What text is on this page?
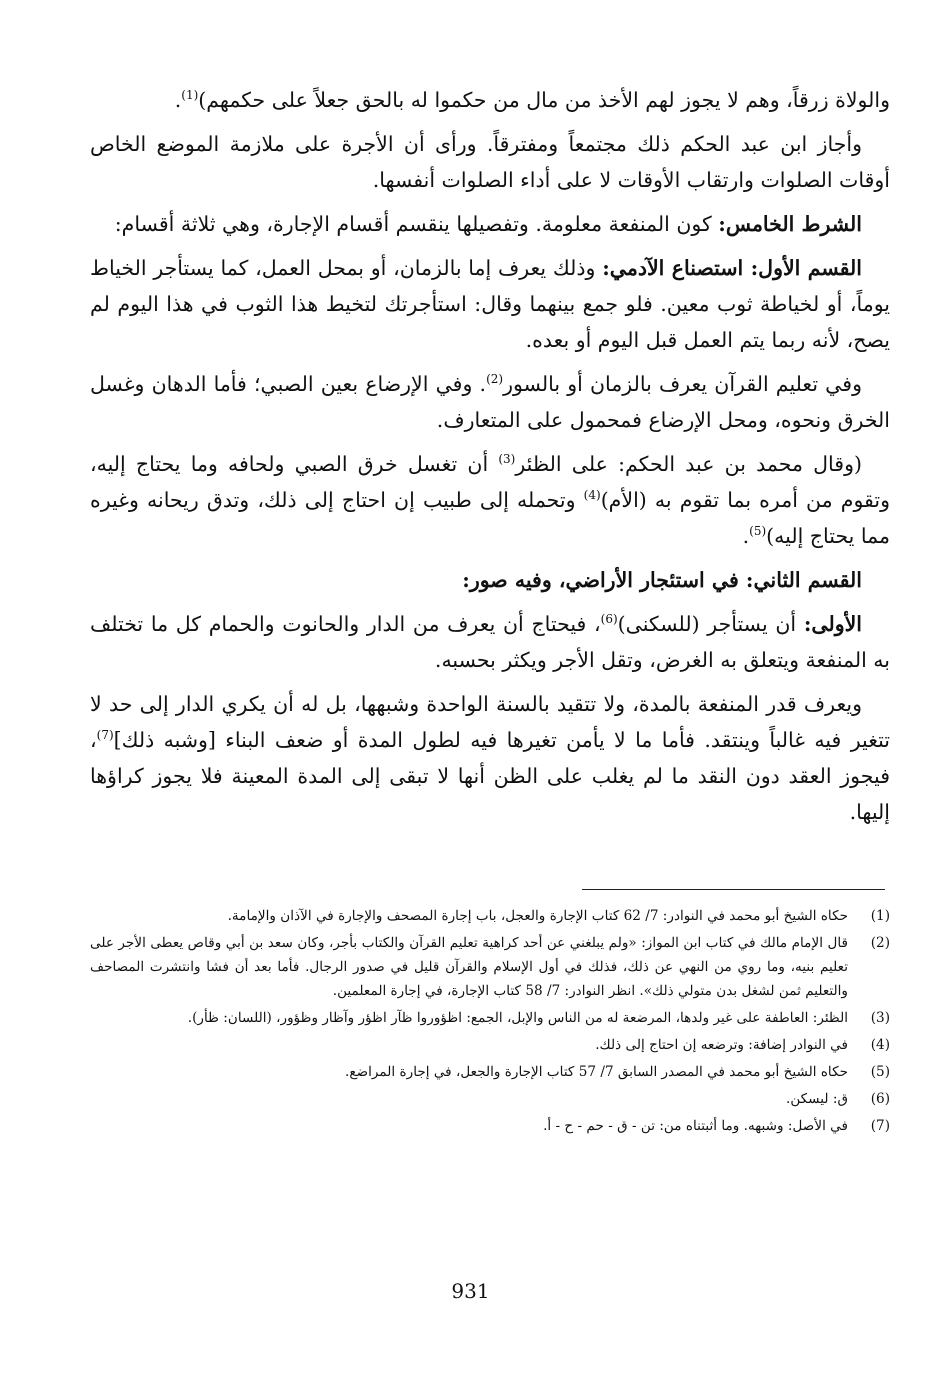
والولاة زرقاً، وهم لا يجوز لهم الأخذ من مال من حكموا له بالحق جعلاً على حكمهم)$^{(1)}$.

وأجاز ابن عبد الحكم ذلك مجتمعاً ومفترقاً. ورأى أن الأجرة على ملازمة الموضع الخاص أوقات الصلوات وارتقاب الأوقات لا على أداء الصلوات أنفسها.

الشرط الخامس: كون المنفعة معلومة. وتفصيلها ينقسم أقسام الإجارة، وهي ثلاثة أقسام:

القسم الأول: استصناع الآدمي: وذلك يعرف إما بالزمان، أو بمحل العمل، كما يستأجر الخياط يوماً، أو لخياطة ثوب معين. فلو جمع بينهما وقال: استأجرتك لتخيط هذا الثوب في هذا اليوم لم يصح، لأنه ربما يتم العمل قبل اليوم أو بعده.

وفي تعليم القرآن يعرف بالزمان أو بالسور$^{(2)}$. وفي الإرضاع بعين الصبي؛ فأما الدهان وغسل الخرق ونحوه، ومحل الإرضاع فمحمول على المتعارف.

(وقال محمد بن عبد الحكم: على الظئر$^{(3)}$ أن تغسل خرق الصبي ولحافه وما يحتاج إليه، وتقوم من أمره بما تقوم به (الأم)$^{(4)}$ وتحمله إلى طبيب إن احتاج إلى ذلك، وتدق ريحانه وغيره مما يحتاج إليه)$^{(5)}$.

القسم الثاني: في استئجار الأراضي، وفيه صور:

الأولى: أن يستأجر (للسكنى)$^{(6)}$، فيحتاج أن يعرف من الدار والحانوت والحمام كل ما تختلف به المنفعة ويتعلق به الغرض، وتقل الأجر ويكثر بحسبه.

ويعرف قدر المنفعة بالمدة، ولا تتقيد بالسنة الواحدة وشبهها، بل له أن يكري الدار إلى حد لا تتغير فيه غالباً وينتقد. فأما ما لا يأمن تغيرها فيه لطول المدة أو ضعف البناء [وشبه ذلك]$^{(7)}$، فيجوز العقد دون النقد ما لم يغلب على الظن أنها لا تبقى إلى المدة المعينة فلا يجوز كراؤها إليها.

(1)
حكاه الشيخ أبو محمد في النوادر: 7/ 62 كتاب الإجارة والعجل، باب إجارة المصحف والإجارة في الآذان والإمامة.
(2)
قال الإمام مالك في كتاب ابن المواز: «ولم يبلغني عن أحد كراهية تعليم القرآن والكتاب بأجر، وكان سعد بن أبي وقاص يعطى الأجر على تعليم بنيه، وما روي من النهي عن ذلك، فذلك في أول الإسلام والقرآن قليل في صدور الرجال. فأما بعد أن فشا وانتشرت المصاحف والتعليم ثمن لشغل بدن متولي ذلك». انظر النوادر: 7/ 58 كتاب الإجارة، في إجارة المعلمين.
(3)
الظئر: العاطفة على غير ولدها، المرضعة له من الناس والإبل، الجمع: اظؤوروا ظآر اظؤر وآظار وظؤور، (اللسان: ظأر).
(4)
في النوادر إضافة: وترضعه إن احتاج إلى ذلك.
(5)
حكاه الشيخ أبو محمد في المصدر السابق 7/ 57 كتاب الإجارة والجعل، في إجارة المراضع.
(6)
ق: ليسكن.
(7)
في الأصل: وشبهه. وما أثبتناه من: تن - ق - حم - ح - أ.
931
